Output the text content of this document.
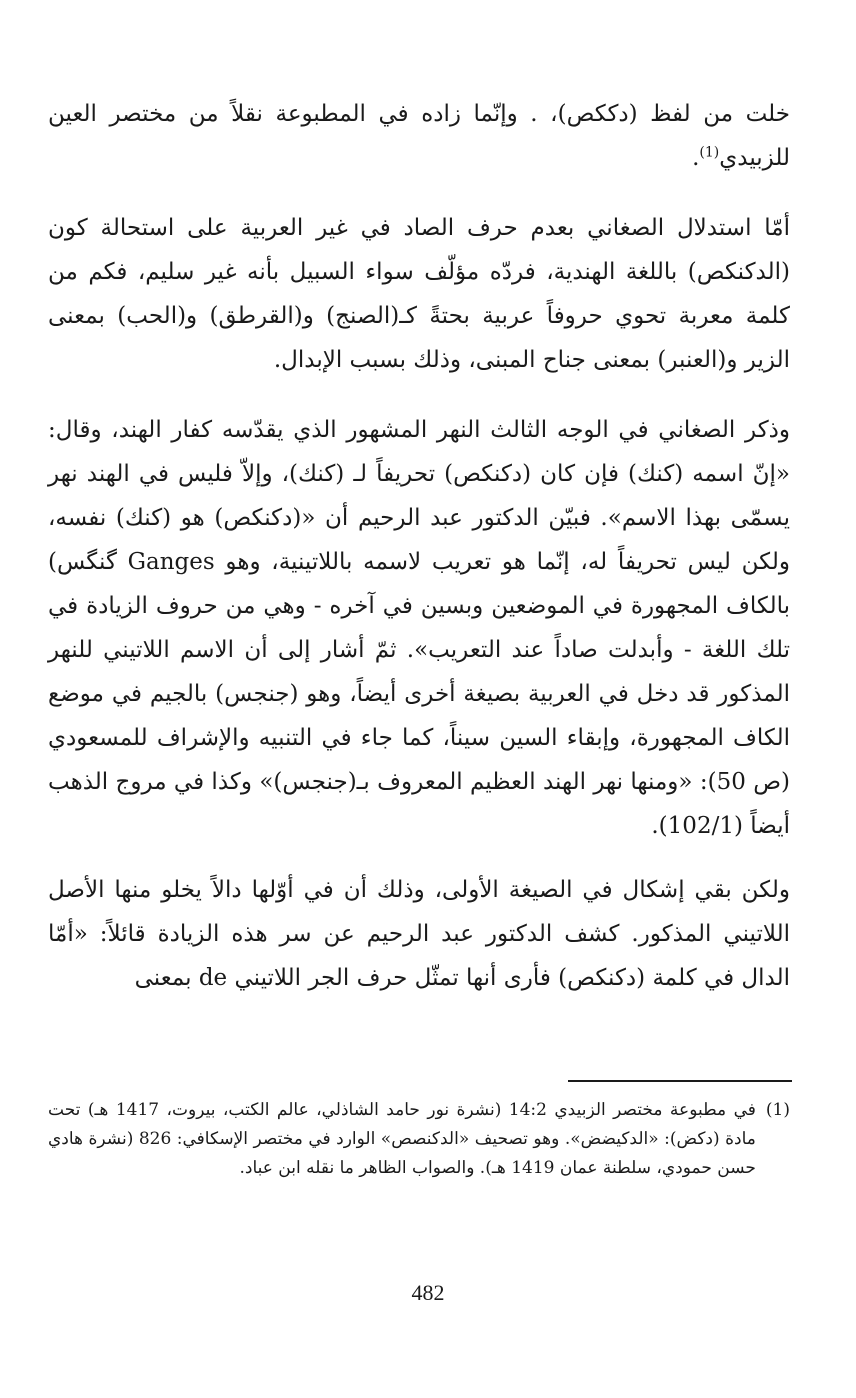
خلت من لفظ (دككص)، . وإنّما زاده في المطبوعة نقلاً من مختصر العين للزبيدي$^{(1)}$.

أمّا استدلال الصغاني بعدم حرف الصاد في غير العربية على استحالة كون (الدكنكص) باللغة الهندية، فردّه مؤلّف سواء السبيل بأنه غير سليم، فكم من كلمة معربة تحوي حروفاً عربية بحتةً كـ(الصنج) و(القرطق) و(الحب) بمعنى الزير و(العنبر) بمعنى جناح المبنى، وذلك بسبب الإبدال.

وذكر الصغاني في الوجه الثالث النهر المشهور الذي يقدّسه كفار الهند، وقال: «إنّ اسمه (كنك) فإن كان (دكنكص) تحريفاً لـ (كنك)، وإلاّ فليس في الهند نهر يسمّى بهذا الاسم». فبيّن الدكتور عبد الرحيم أن «(دكنكص) هو (كنك) نفسه، ولكن ليس تحريفاً له، إنّما هو تعريب لاسمه باللاتينية، وهو Ganges گنگس) بالكاف المجهورة في الموضعين وبسين في آخره - وهي من حروف الزيادة في تلك اللغة - وأبدلت صاداً عند التعريب». ثمّ أشار إلى أن الاسم اللاتيني للنهر المذكور قد دخل في العربية بصيغة أخرى أيضاً، وهو (جنجس) بالجيم في موضع الكاف المجهورة، وإبقاء السين سيناً، كما جاء في التنبيه والإشراف للمسعودي (ص 50): «ومنها نهر الهند العظيم المعروف بـ(جنجس)» وكذا في مروج الذهب أيضاً (102/1).

ولكن بقي إشكال في الصيغة الأولى، وذلك أن في أوّلها دالاً يخلو منها الأصل اللاتيني المذكور. كشف الدكتور عبد الرحيم عن سر هذه الزيادة قائلاً: «أمّا الدال في كلمة (دكنكص) فأرى أنها تمثّل حرف الجر اللاتيني de بمعنى

(1)
في مطبوعة مختصر الزبيدي 14:2 (نشرة نور حامد الشاذلي، عالم الكتب، بيروت، 1417 هـ) تحت مادة (دكض): «الدكيضض». وهو تصحيف «الدكنصص» الوارد في مختصر الإسكافي: 826 (نشرة هادي حسن حمودي، سلطنة عمان 1419 هـ). والصواب الظاهر ما نقله ابن عباد.
482
